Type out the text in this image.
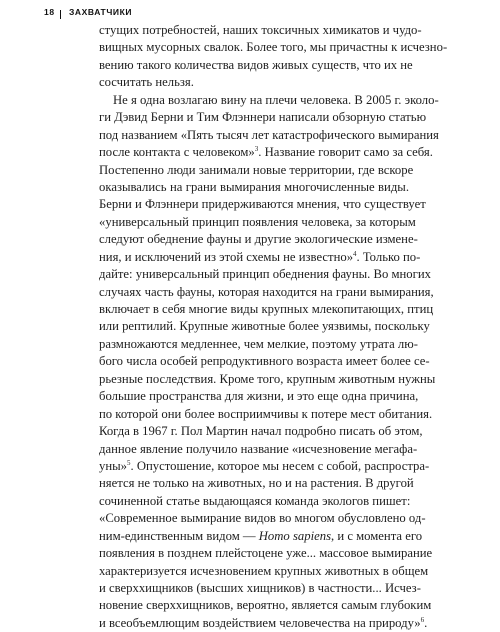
18 ЗАХВАТЧИКИ
стущих потребностей, наших токсичных химикатов и чудо-
вищных мусорных свалок. Более того, мы причастны к исчезно-
вению такого количества видов живых существ, что их не
сосчитать нельзя.
Не я одна возлагаю вину на плечи человека. В 2005 г. эколо-
ги Дэвид Берни и Тим Флэннери написали обзорную статью
под названием «Пять тысяч лет катастрофического вымирания
после контакта с человеком»$^3$. Название говорит само за себя.
Постепенно люди занимали новые территории, где вскоре
оказывались на грани вымирания многочисленные виды.
Берни и Флэннери придерживаются мнения, что существует
«универсальный принцип появления человека, за которым
следуют обеднение фауны и другие экологические измене-
ния, и исключений из этой схемы не известно»$^4$. Только по-
дайте: универсальный принцип обеднения фауны. Во многих
случаях часть фауны, которая находится на грани вымирания,
включает в себя многие виды крупных млекопитающих, птиц
или рептилий. Крупные животные более уязвимы, поскольку
размножаются медленнее, чем мелкие, поэтому утрата лю-
бого числа особей репродуктивного возраста имеет более се-
рьезные последствия. Кроме того, крупным животным нужны
большие пространства для жизни, и это еще одна причина,
по которой они более восприимчивы к потере мест обитания.
Когда в 1967 г. Пол Мартин начал подробно писать об этом,
данное явление получило название «исчезновение мегафа-
уны»$^5$. Опустошение, которое мы несем с собой, распростра-
няется не только на животных, но и на растения. В другой
сочиненной статье выдающаяся команда экологов пишет:
«Современное вымирание видов во многом обусловлено од-
ним-единственным видом — Homo sapiens, и с момента его
появления в позднем плейстоцене уже... массовое вымирание
характеризуется исчезновением крупных животных в общем
и сверххищников (высших хищников) в частности... Исчез-
новение сверххищников, вероятно, является самым глубоким
и всеобъемлющим воздействием человечества на природу»$^6$.
